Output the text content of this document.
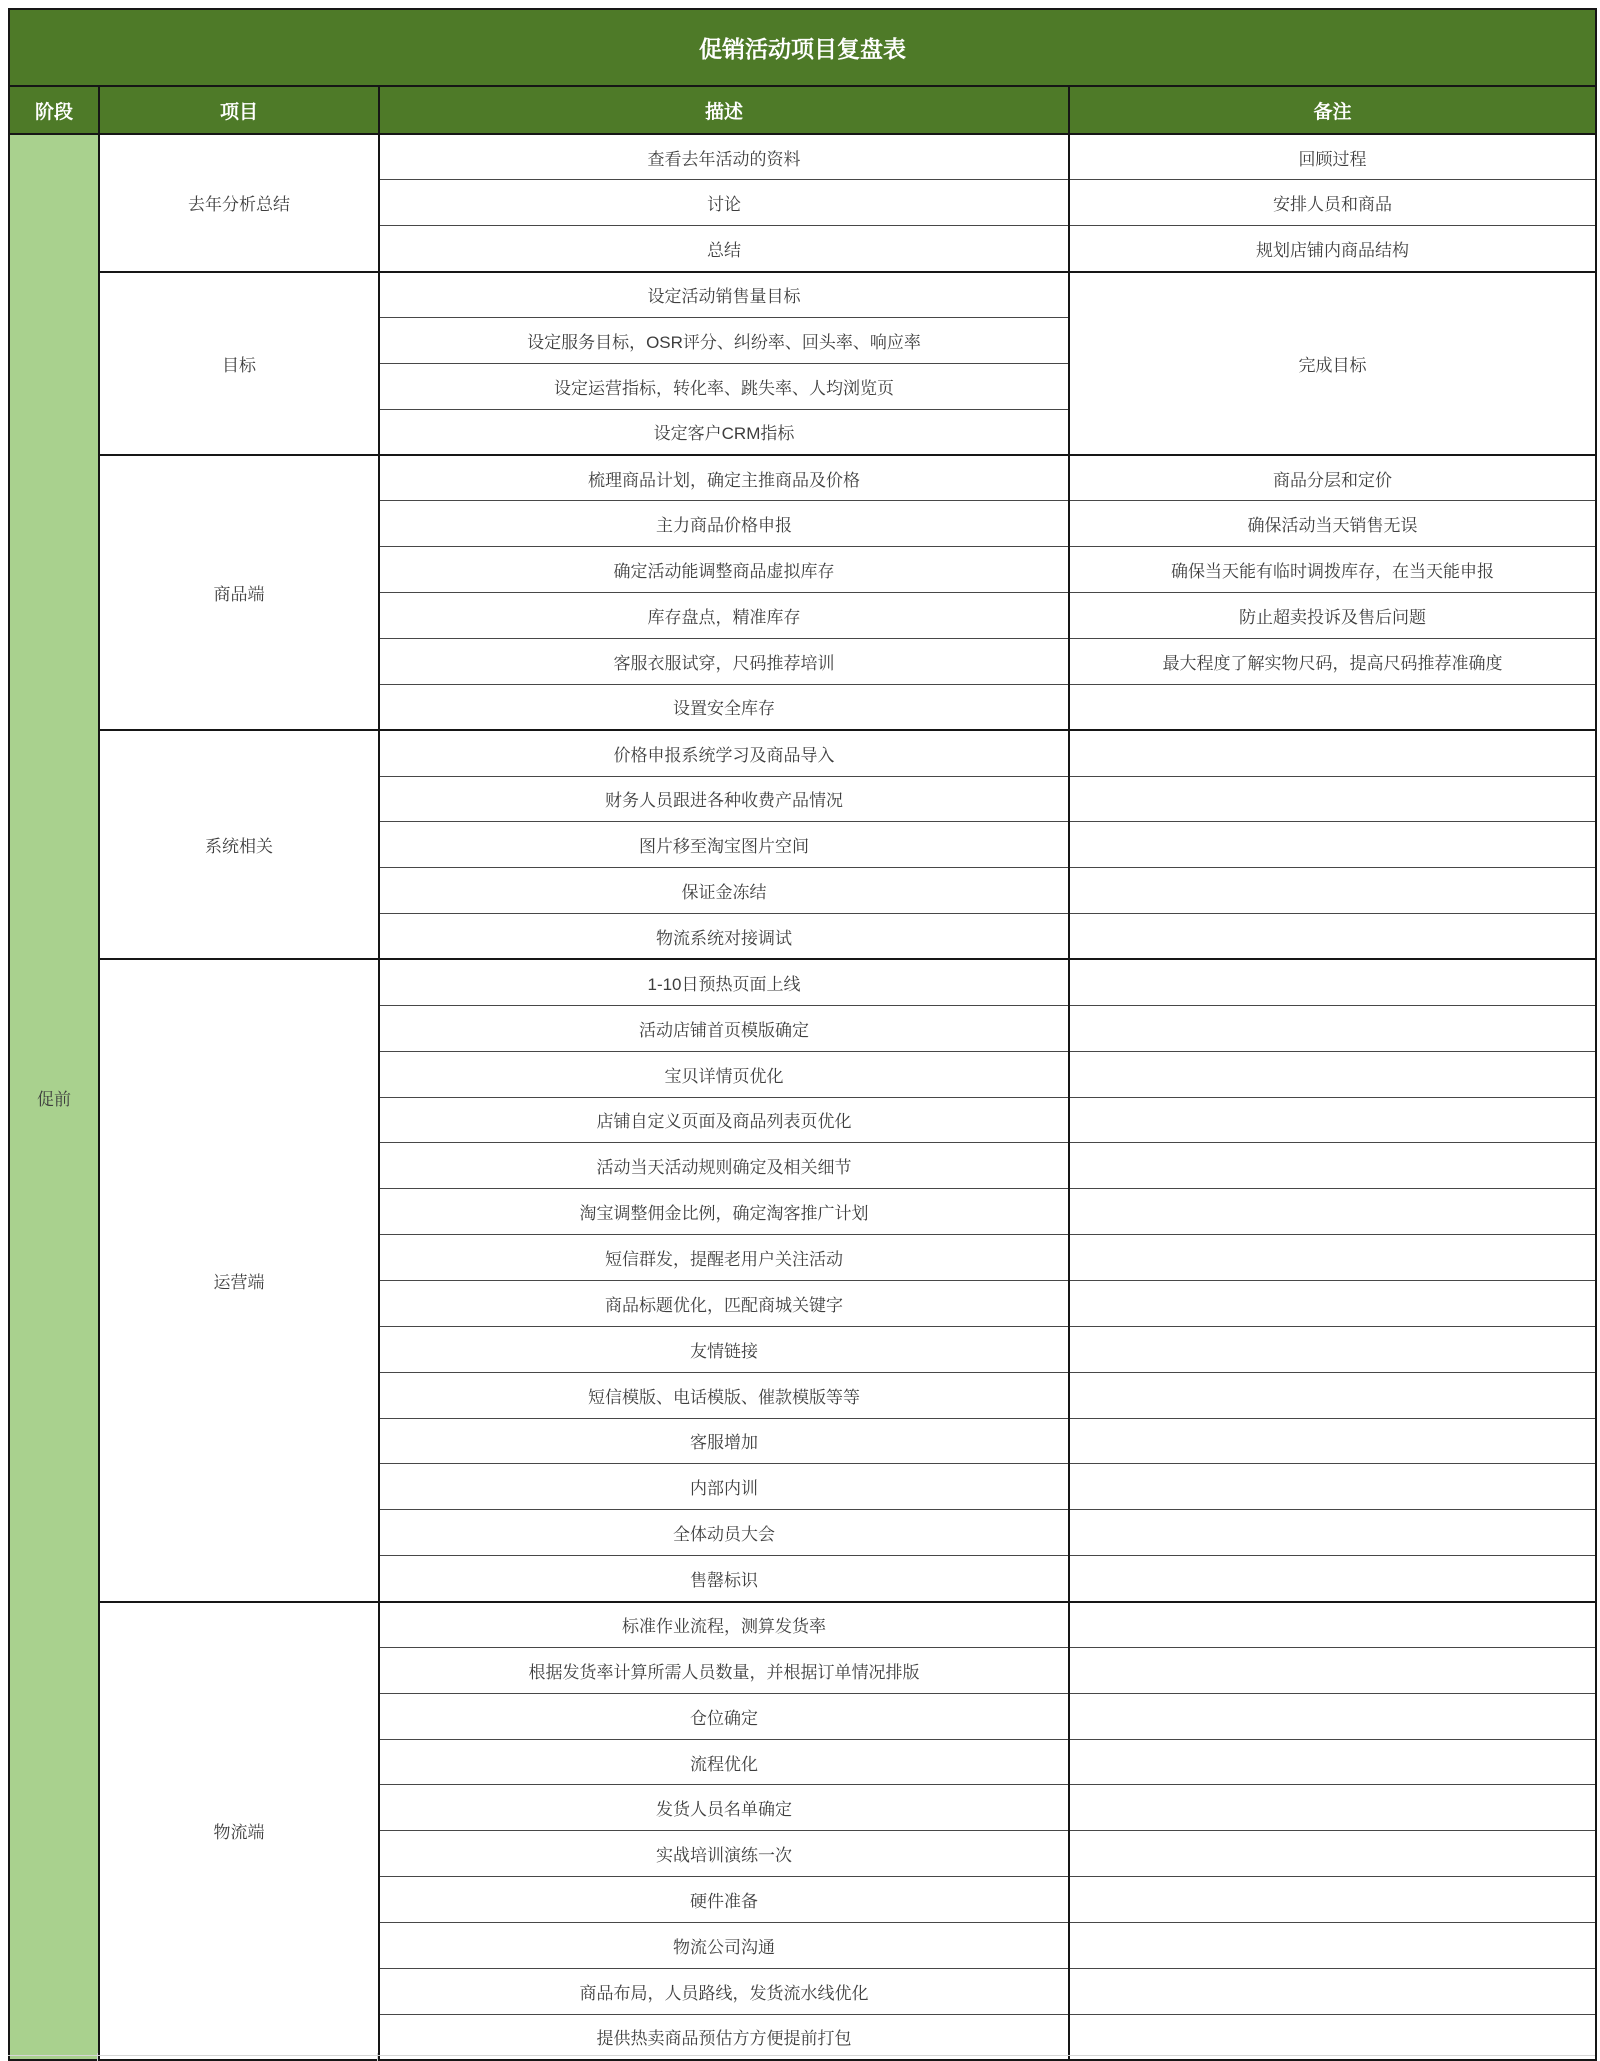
促销活动项目复盘表			
阶段	项目	描述	备注
促前	去年分析总结	查看去年活动的资料	回顾过程
		讨论	安排人员和商品
		总结	规划店铺内商品结构
	目标	设定活动销售量目标	完成目标
		设定服务目标，OSR评分、纠纷率、回头率、响应率	
		设定运营指标，转化率、跳失率、人均浏览页	
		设定客户CRM指标	
	商品端	梳理商品计划，确定主推商品及价格	商品分层和定价
		主力商品价格申报	确保活动当天销售无误
		确定活动能调整商品虚拟库存	确保当天能有临时调拨库存，在当天能申报
		库存盘点，精准库存	防止超卖投诉及售后问题
		客服衣服试穿，尺码推荐培训	最大程度了解实物尺码，提高尺码推荐准确度
		设置安全库存	
	系统相关	价格申报系统学习及商品导入	
		财务人员跟进各种收费产品情况	
		图片移至淘宝图片空间	
		保证金冻结	
		物流系统对接调试	
	运营端	1-10日预热页面上线	
		活动店铺首页模版确定	
		宝贝详情页优化	
		店铺自定义页面及商品列表页优化	
		活动当天活动规则确定及相关细节	
		淘宝调整佣金比例，确定淘客推广计划	
		短信群发，提醒老用户关注活动	
		商品标题优化，匹配商城关键字	
		友情链接	
		短信模版、电话模版、催款模版等等	
		客服增加	
		内部内训	
		全体动员大会	
		售罄标识	
	物流端	标准作业流程，测算发货率	
		根据发货率计算所需人员数量，并根据订单情况排版	
		仓位确定	
		流程优化	
		发货人员名单确定	
		实战培训演练一次	
		硬件准备	
		物流公司沟通	
		商品布局，人员路线，发货流水线优化	
		提供热卖商品预估方方便提前打包	
